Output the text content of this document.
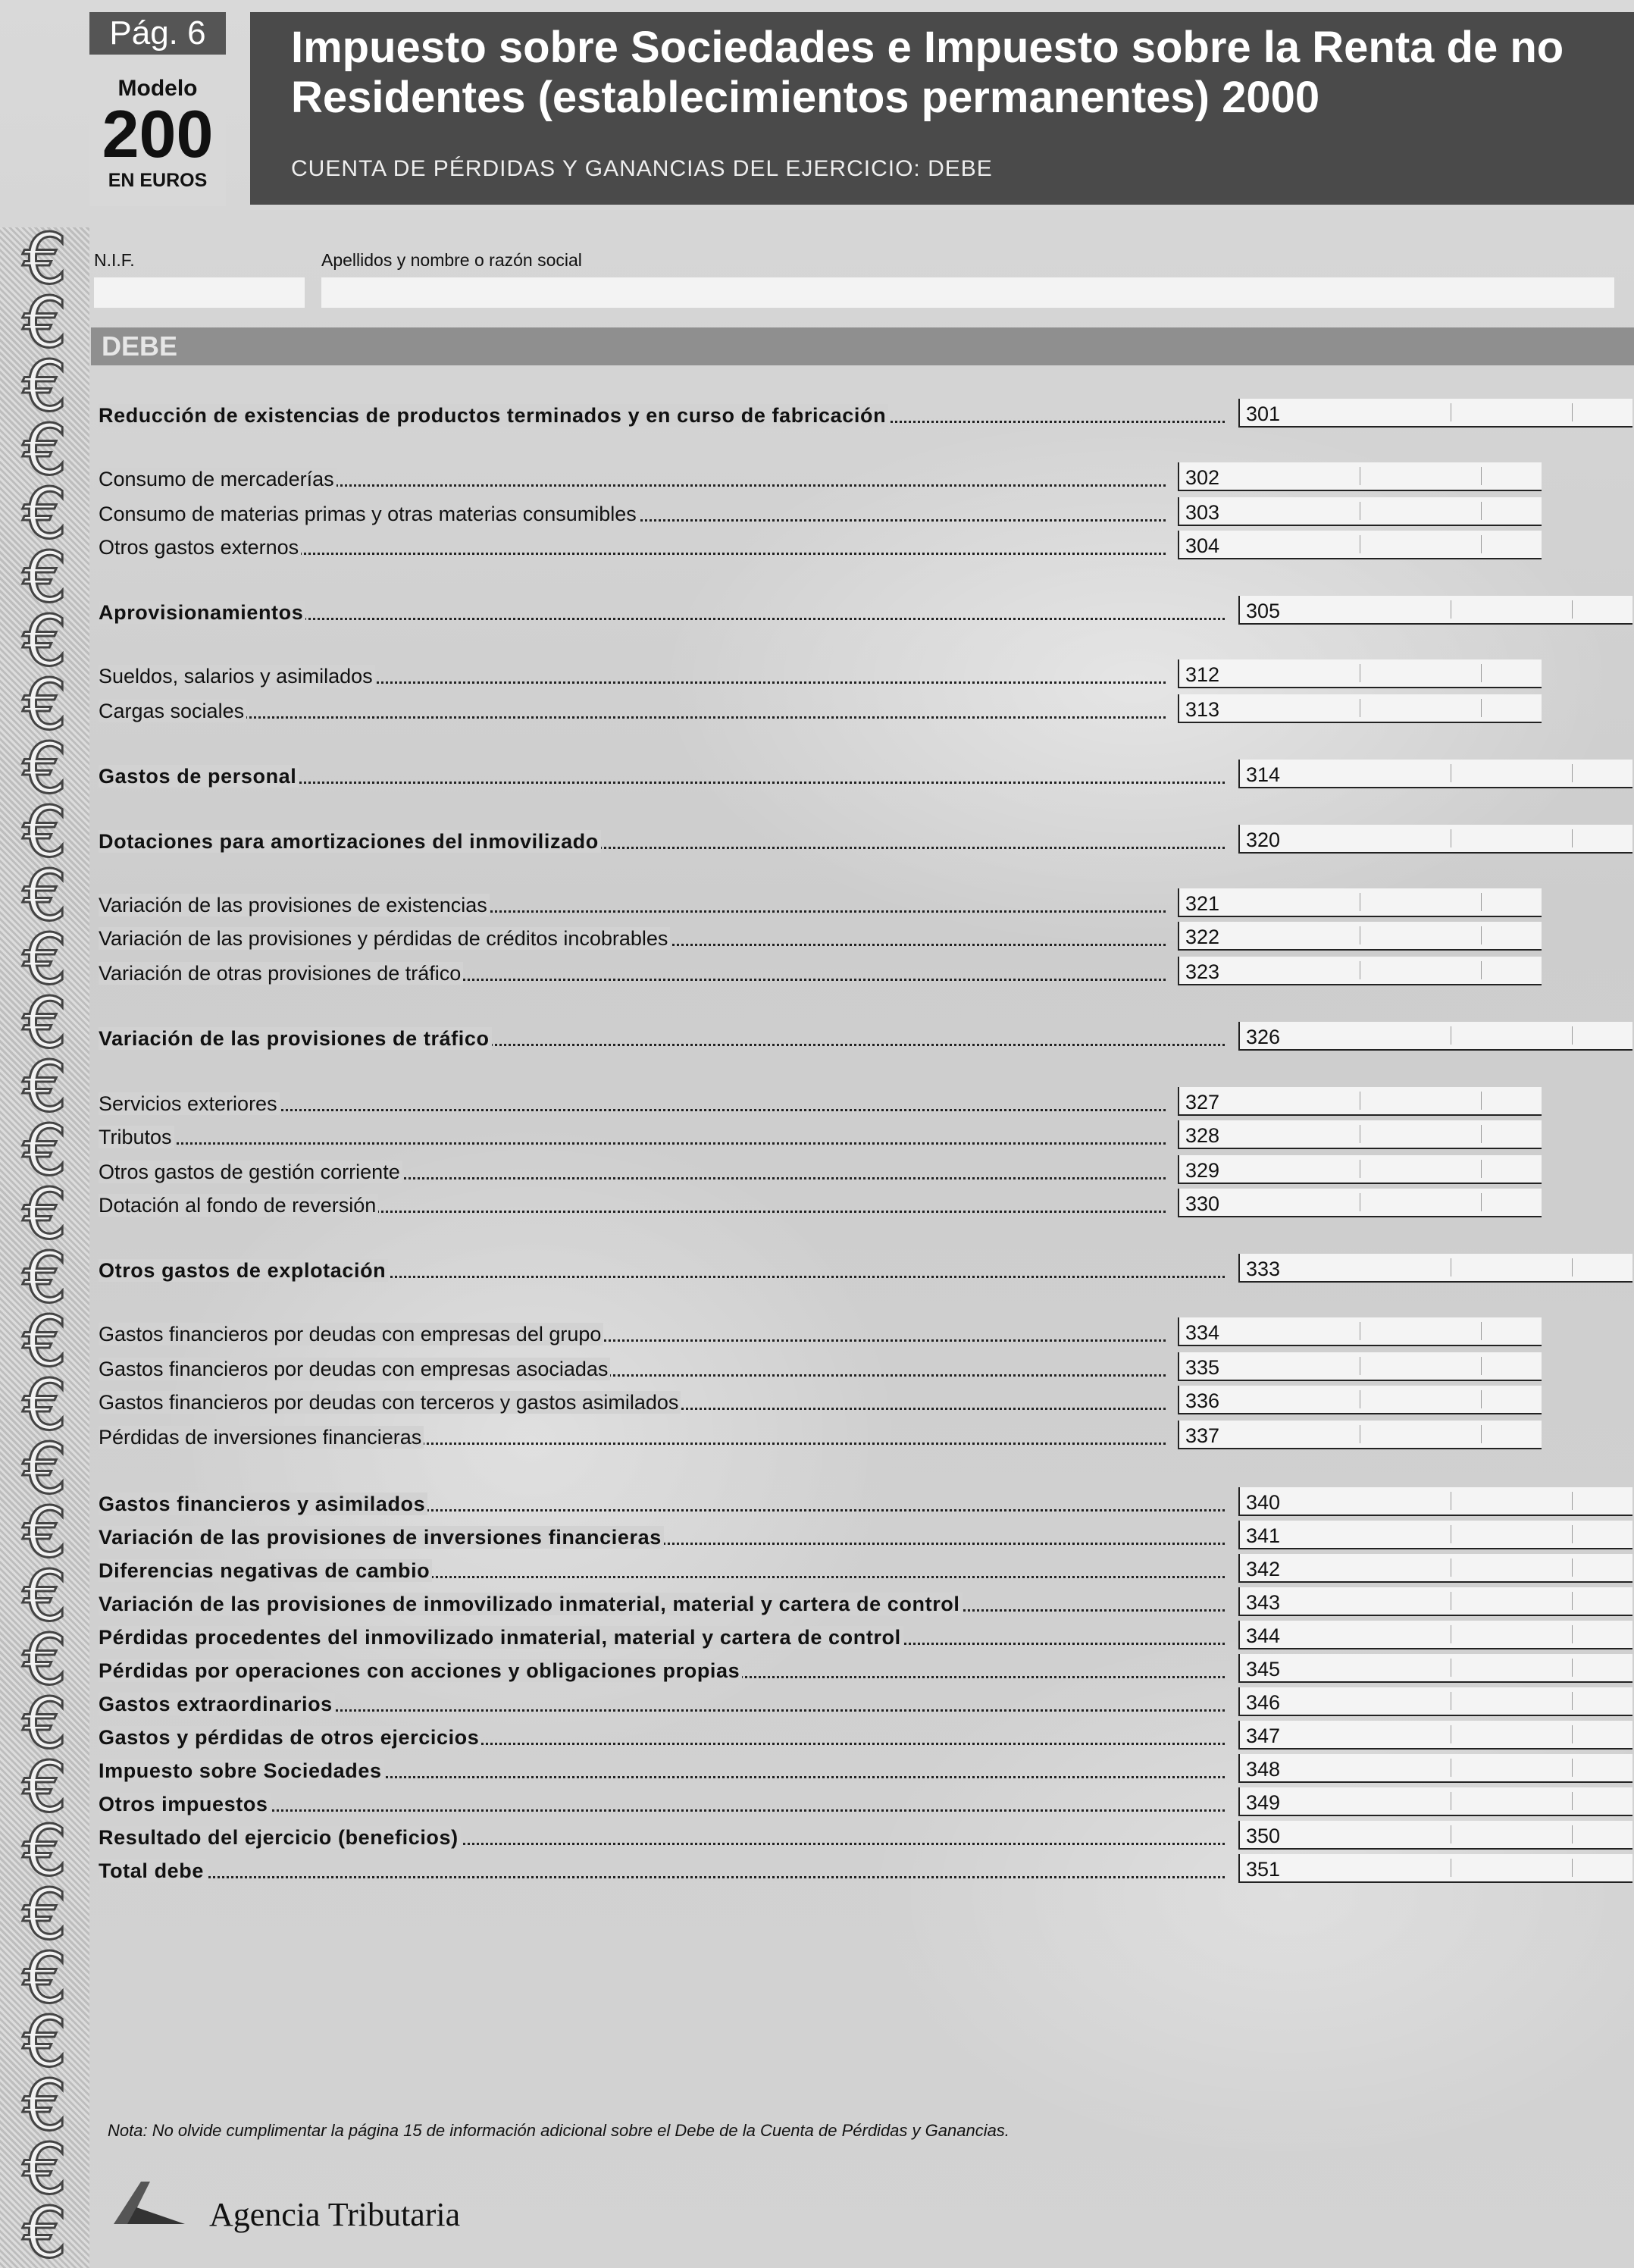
€
€
€
€
€
€
€
€
€
€
€
€
€
€
€
€
€
€
€
€
€
€
€
€
€
€
€
€
€
€
€
€
Pág. 6
Modelo
200
EN EUROS
Impuesto sobre Sociedades e Impuesto sobre la Renta de no Residentes (establecimientos permanentes) 2000
CUENTA DE PÉRDIDAS Y GANANCIAS DEL EJERCICIO: DEBE
N.I.F.	Apellidos y nombre o razón social
DEBE
Reducción de existencias de productos terminados y en curso de fabricación	301
Consumo de mercaderías	302
Consumo de materias primas y otras materias consumibles	303
Otros gastos externos	304
Aprovisionamientos	305
Sueldos, salarios y asimilados	312
Cargas sociales	313
Gastos de personal	314
Dotaciones para amortizaciones del inmovilizado	320
Variación de las provisiones de existencias	321
Variación de las provisiones y pérdidas de créditos incobrables	322
Variación de otras provisiones de tráfico	323
Variación de las provisiones de tráfico	326
Servicios exteriores	327
Tributos	328
Otros gastos de gestión corriente	329
Dotación al fondo de reversión	330
Otros gastos de explotación	333
Gastos financieros por deudas con empresas del grupo	334
Gastos financieros por deudas con empresas asociadas	335
Gastos financieros por deudas con terceros y gastos asimilados	336
Pérdidas de inversiones financieras	337
Gastos financieros y asimilados	340
Variación de las provisiones de inversiones financieras	341
Diferencias negativas de cambio	342
Variación de las provisiones de inmovilizado inmaterial, material y cartera de control	343
Pérdidas procedentes del inmovilizado inmaterial, material y cartera de control	344
Pérdidas por operaciones con acciones y obligaciones propias	345
Gastos extraordinarios	346
Gastos y pérdidas de otros ejercicios	347
Impuesto sobre Sociedades	348
Otros impuestos	349
Resultado del ejercicio (beneficios)	350
Total debe	351
Nota: No olvide cumplimentar la página 15 de información adicional sobre el Debe de la Cuenta de Pérdidas y Ganancias.
Agencia Tributaria
